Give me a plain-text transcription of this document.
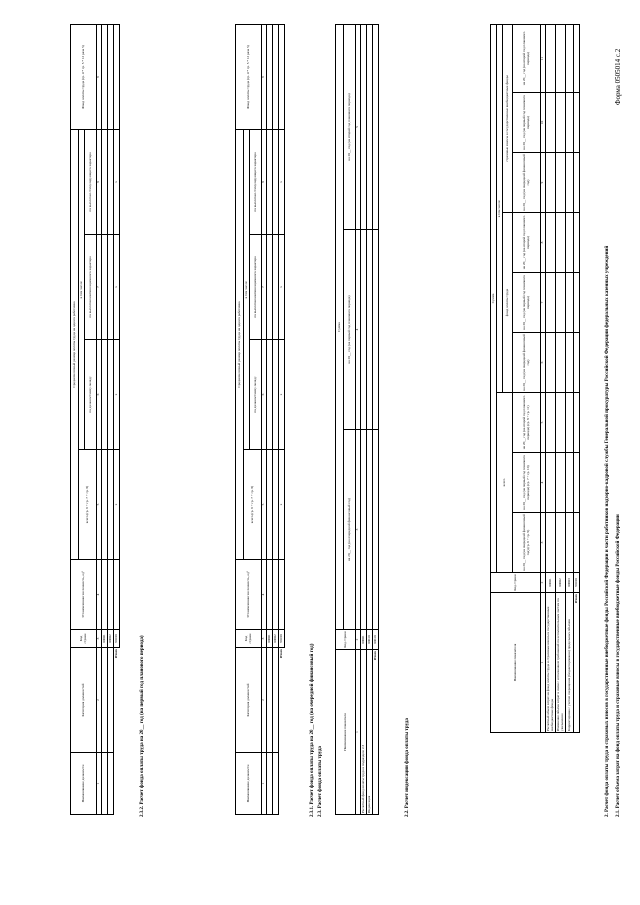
Форма 0505014 с.2
2. Расчет фонда оплаты труда и страховых взносов в государственные внебюджетные фонды Российской Федерации и части работников надзорно-кадровой службы Генеральной прокуратуры Российской Федерации федеральных казенных учреждений 2.1. Расчет объема затрат на фонд оплаты труда и страховые взносы в государственные внебюджетные фонды Российской Федерации
Наименование показателя	Код строки	Сумма								
		всего			в том числе:					
					фонд оплаты труда			страховые взносы в государственные внебюджетные фонды		
		на 20__ год (на очередной финансовый год) (гр. 6 + гр. 9)	на 20__ год (на первый год планового периода) (гр. 7 + гр. 10)	на 20__ год (на второй год планового периода) (гр. 8 + гр. 11)	на 20__ год (на очередной финансовый год)	на 20__ год (на первый год планового периода)	на 20__ год (на второй год планового периода)	на 20__ год (на очередной финансовый год)	на 20__ год (на первый год планового периода)	на 20__ год (на второй год планового периода)
1	2	3	4	5	6	7	8	9	10	11
Расчетный объем затрат на фонд оплаты труда и страховые взносы в государственные внебюджетные фонды	00001									
Изменение объема затрат в связи с исполнением требований по исполнительным листам по увольнению	00002									
Корректировка с учетом сокращения (бюджетирования) предельных объемов	00003									
Итого	90100									
2.2. Расчет индексации фонда оплаты труда
Наименование показателя	Код строки	Сумма		
		на 20__ год (на очередной финансовый год)	на 20__ год (на первый год планового периода)	на 20__ год (на второй год планового периода)
1	2	3	4	5
Расчетный фонд оплаты труда в подразделе 2.3	00001			
Индексация	00010			
Итого	00010			
2.3. Расчет фонда оплаты труда
2.3.1. Расчет фонда оплаты труда на 20__ год (на очередной финансовый год)
Наименование должности	Категория должностей	Код строки	Установленная численность, ед²	Среднемесячный размер оплаты труда на одного работника				Фонд оплаты труда (гр. 4 * гр. 5 * 12 раза 5)
				всего (гр. 6 + гр. 7 + гр. 8)	в том числе:			
					по должностному окладу	по выплатам компенсационного характера	по выплатам стимулирующего характера	
1	2	3	4	5	6	7	8	9
		00001						
		00002						
	Итого	90100		x	x	x	x	
2.3.2. Расчет фонда оплаты труда на 20__ год (на первый год планового периода)
Наименование должности	Категория должностей	Код строки	Установленная численность, ед²	Среднемесячный размер оплаты труда на одного работника				Фонд оплаты труда (гр. 4 * гр. 5 * 12 раза 5)
				всего (гр. 6 + гр. 7 + гр. 8)	в том числе:			
					по должностному окладу	по выплатам компенсационного характера	по выплатам стимулирующего характера	
1	2	3	4	5	6	7	8	9
		00001						
		00002						
	Итого	90100		x	x	x	x	
